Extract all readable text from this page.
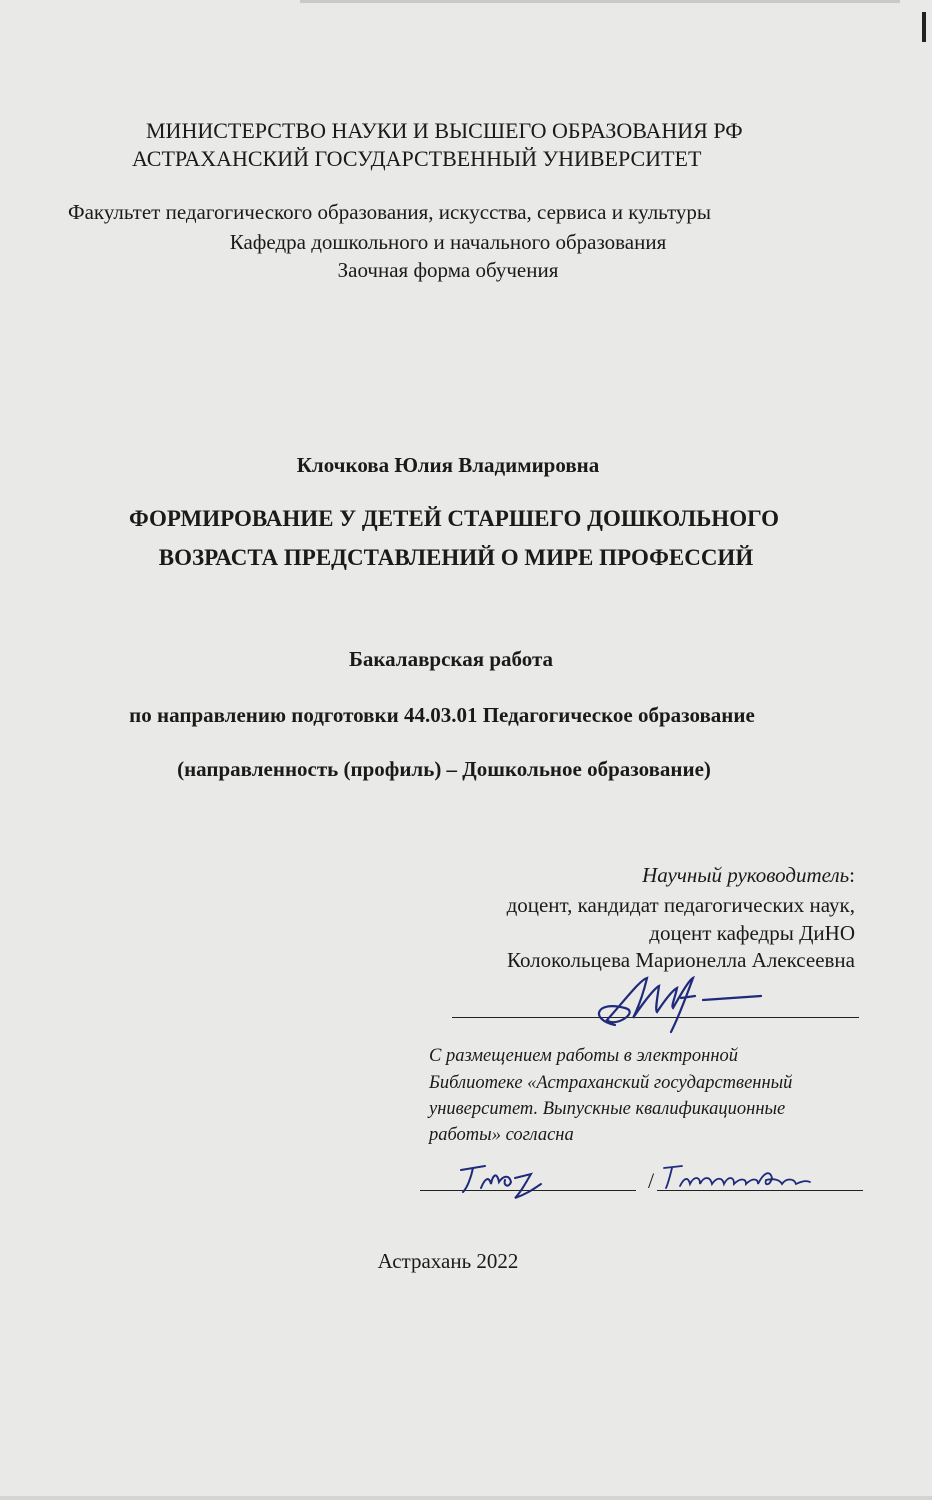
МИНИСТЕРСТВО НАУКИ И ВЫСШЕГО ОБРАЗОВАНИЯ РФ
АСТРАХАНСКИЙ ГОСУДАРСТВЕННЫЙ УНИВЕРСИТЕТ
Факультет педагогического образования, искусства, сервиса и культуры
Кафедра дошкольного и начального образования
Заочная форма обучения
Клочкова Юлия Владимировна
ФОРМИРОВАНИЕ У ДЕТЕЙ СТАРШЕГО ДОШКОЛЬНОГО
ВОЗРАСТА ПРЕДСТАВЛЕНИЙ О МИРЕ ПРОФЕССИЙ
Бакалаврская работа
по направлению подготовки 44.03.01 Педагогическое образование
(направленность (профиль) – Дошкольное образование)
Научный руководитель:
доцент, кандидат педагогических наук,
доцент кафедры ДиНО
Колокольцева Марионелла Алексеевна
С размещением работы в электронной
Библиотеке «Астраханский государственный
университет. Выпускные квалификационные
работы» согласна
/
Астрахань 2022
